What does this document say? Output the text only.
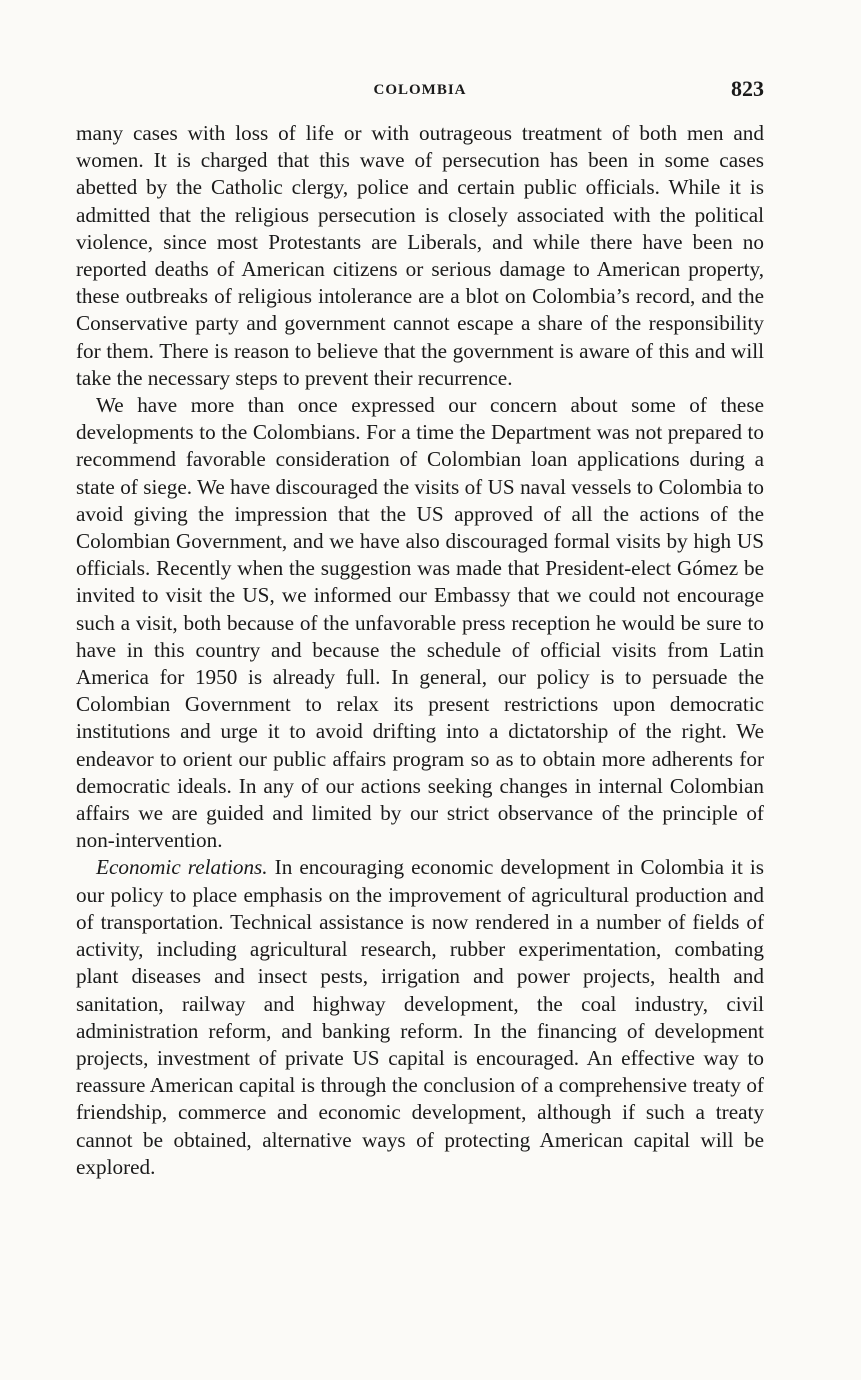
COLOMBIA	823

many cases with loss of life or with outrageous treatment of both men and women. It is charged that this wave of persecution has been in some cases abetted by the Catholic clergy, police and certain public officials. While it is admitted that the religious persecution is closely associated with the political violence, since most Protestants are Liberals, and while there have been no reported deaths of American citizens or serious damage to American property, these outbreaks of religious intolerance are a blot on Colombia’s record, and the Conservative party and government cannot escape a share of the responsibility for them. There is reason to believe that the government is aware of this and will take the necessary steps to prevent their recurrence.

We have more than once expressed our concern about some of these developments to the Colombians. For a time the Department was not prepared to recommend favorable consideration of Colombian loan applications during a state of siege. We have discouraged the visits of US naval vessels to Colombia to avoid giving the impression that the US approved of all the actions of the Colombian Government, and we have also discouraged formal visits by high US officials. Recently when the suggestion was made that President-elect Gómez be invited to visit the US, we informed our Embassy that we could not encourage such a visit, both because of the unfavorable press reception he would be sure to have in this country and because the schedule of official visits from Latin America for 1950 is already full. In general, our policy is to persuade the Colombian Government to relax its present restrictions upon democratic institutions and urge it to avoid drifting into a dictatorship of the right. We endeavor to orient our public affairs program so as to obtain more adherents for democratic ideals. In any of our actions seeking changes in internal Colombian affairs we are guided and limited by our strict observance of the principle of non-intervention.

Economic relations. In encouraging economic development in Colombia it is our policy to place emphasis on the improvement of agricultural production and of transportation. Technical assistance is now rendered in a number of fields of activity, including agricultural research, rubber experimentation, combating plant diseases and insect pests, irrigation and power projects, health and sanitation, railway and highway development, the coal industry, civil administration reform, and banking reform. In the financing of development projects, investment of private US capital is encouraged. An effective way to reassure American capital is through the conclusion of a comprehensive treaty of friendship, commerce and economic development, although if such a treaty cannot be obtained, alternative ways of protecting American capital will be explored.
